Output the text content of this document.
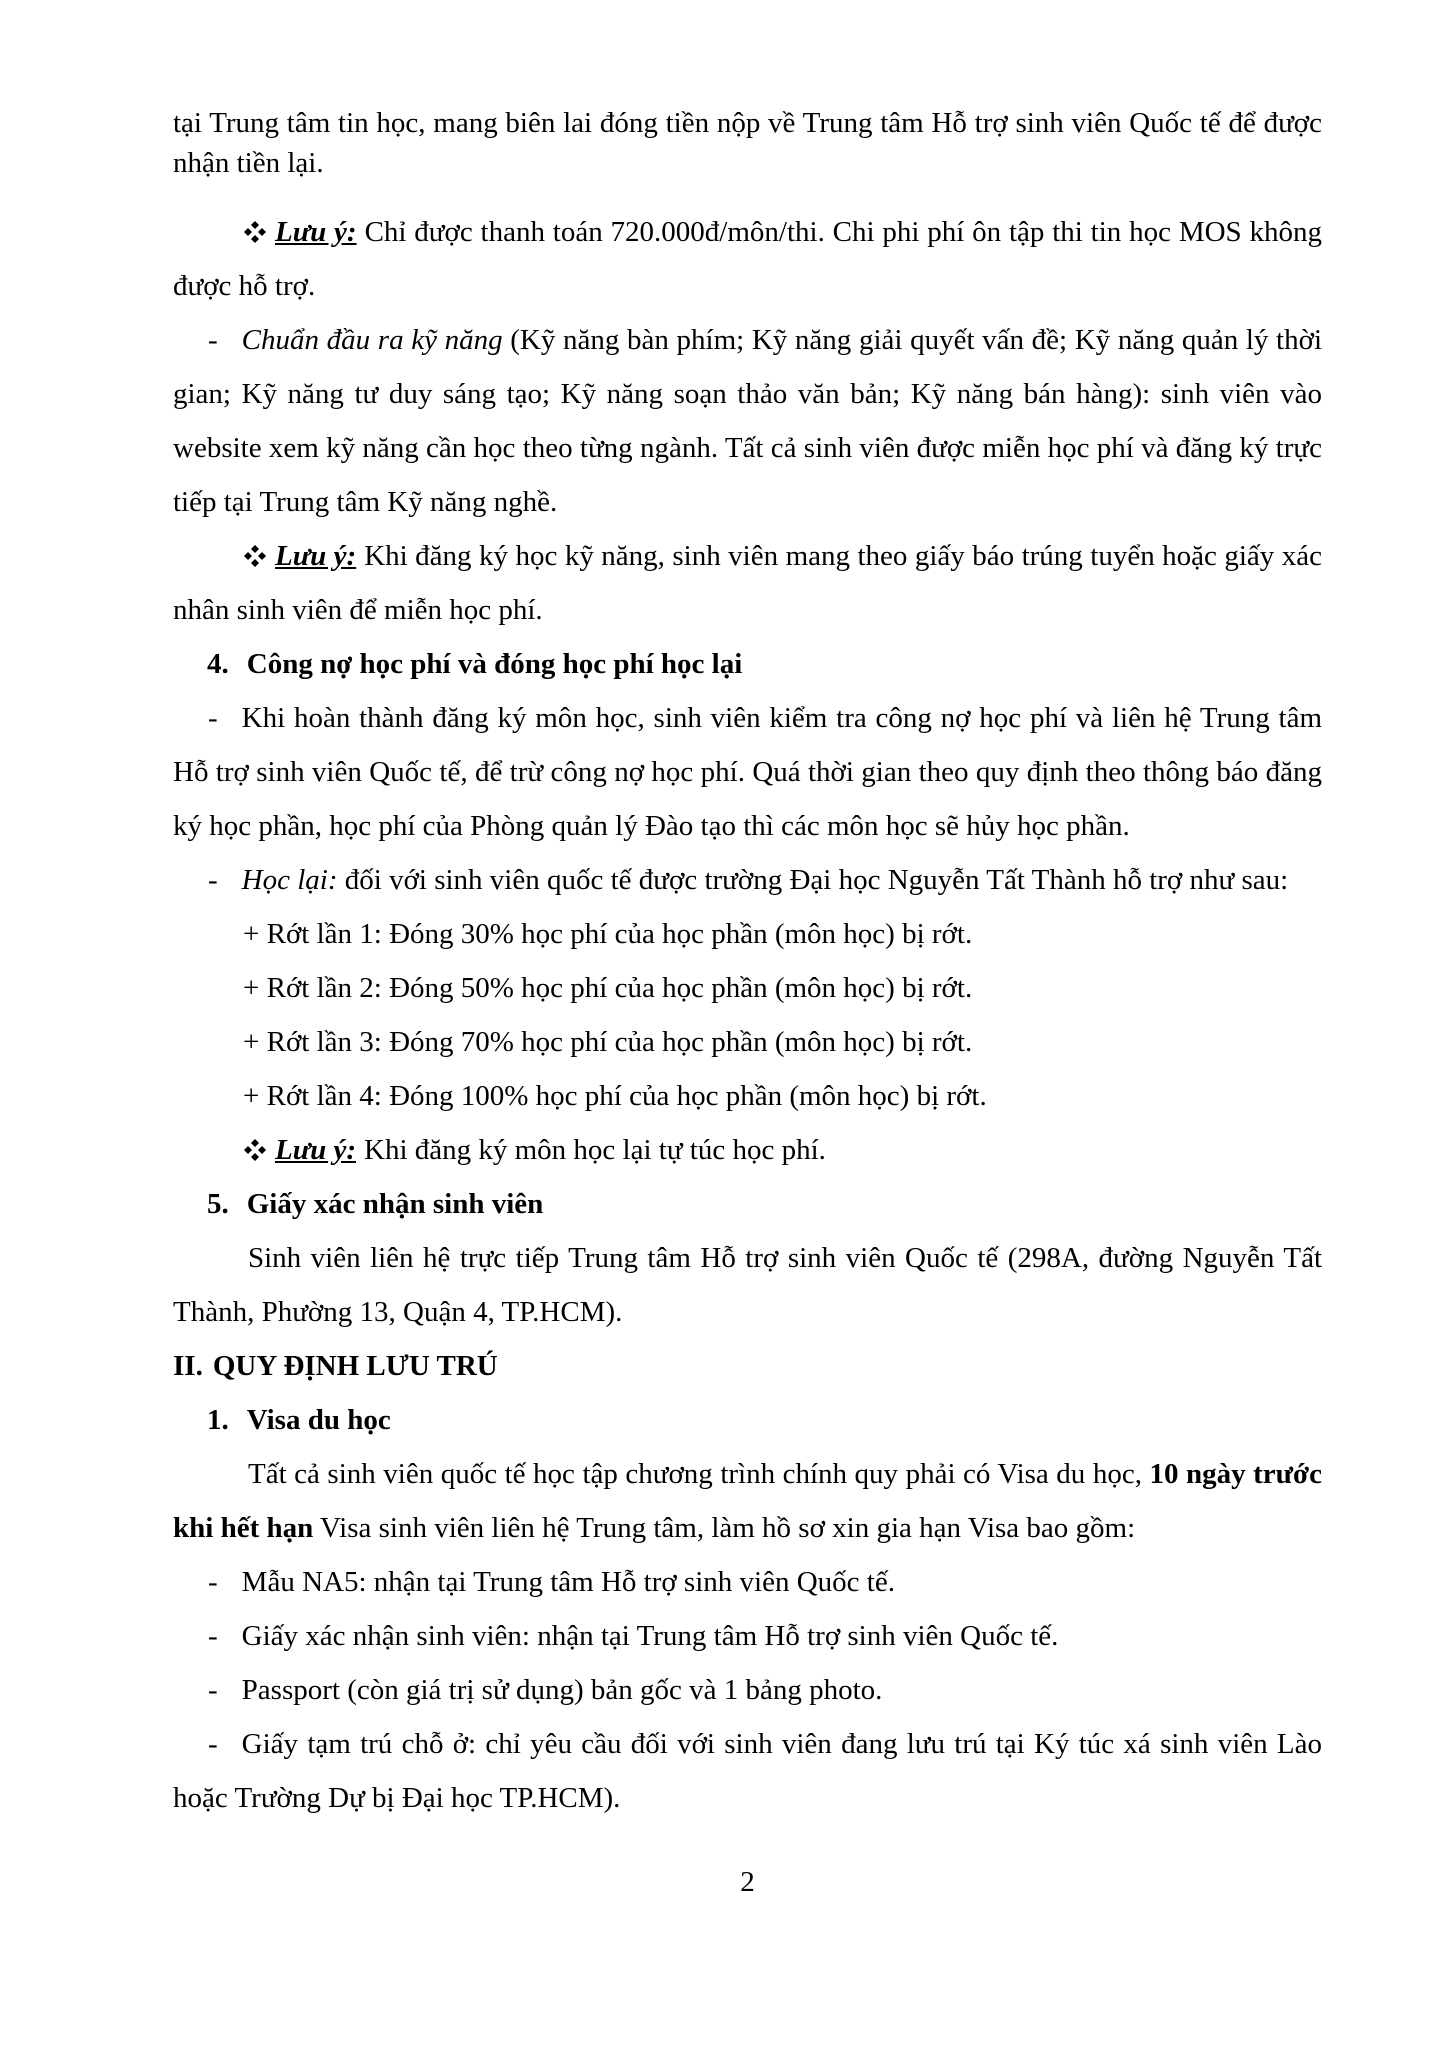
tại Trung tâm tin học, mang biên lai đóng tiền nộp về Trung tâm Hỗ trợ sinh viên Quốc tế để được nhận tiền lại.

Lưu ý: Chỉ được thanh toán 720.000đ/môn/thi. Chi phi phí ôn tập thi tin học MOS không được hỗ trợ.

- Chuẩn đầu ra kỹ năng (Kỹ năng bàn phím; Kỹ năng giải quyết vấn đề; Kỹ năng quản lý thời gian; Kỹ năng tư duy sáng tạo; Kỹ năng soạn thảo văn bản; Kỹ năng bán hàng): sinh viên vào website xem kỹ năng cần học theo từng ngành. Tất cả sinh viên được miễn học phí và đăng ký trực tiếp tại Trung tâm Kỹ năng nghề.

Lưu ý: Khi đăng ký học kỹ năng, sinh viên mang theo giấy báo trúng tuyển hoặc giấy xác nhân sinh viên để miễn học phí.

4. Công nợ học phí và đóng học phí học lại

- Khi hoàn thành đăng ký môn học, sinh viên kiểm tra công nợ học phí và liên hệ Trung tâm Hỗ trợ sinh viên Quốc tế, để trừ công nợ học phí. Quá thời gian theo quy định theo thông báo đăng ký học phần, học phí của Phòng quản lý Đào tạo thì các môn học sẽ hủy học phần.

- Học lại: đối với sinh viên quốc tế được trường Đại học Nguyễn Tất Thành hỗ trợ như sau:

+ Rớt lần 1: Đóng 30% học phí của học phần (môn học) bị rớt.

+ Rớt lần 2: Đóng 50% học phí của học phần (môn học) bị rớt.

+ Rớt lần 3: Đóng 70% học phí của học phần (môn học) bị rớt.

+ Rớt lần 4: Đóng 100% học phí của học phần (môn học) bị rớt.

Lưu ý: Khi đăng ký môn học lại tự túc học phí.

5. Giấy xác nhận sinh viên

Sinh viên liên hệ trực tiếp Trung tâm Hỗ trợ sinh viên Quốc tế (298A, đường Nguyễn Tất Thành, Phường 13, Quận 4, TP.HCM).

II. QUY ĐỊNH LƯU TRÚ

1. Visa du học

Tất cả sinh viên quốc tế học tập chương trình chính quy phải có Visa du học, 10 ngày trước khi hết hạn Visa sinh viên liên hệ Trung tâm, làm hồ sơ xin gia hạn Visa bao gồm:

- Mẫu NA5: nhận tại Trung tâm Hỗ trợ sinh viên Quốc tế.

- Giấy xác nhận sinh viên: nhận tại Trung tâm Hỗ trợ sinh viên Quốc tế.

- Passport (còn giá trị sử dụng) bản gốc và 1 bảng photo.

- Giấy tạm trú chỗ ở: chỉ yêu cầu đối với sinh viên đang lưu trú tại Ký túc xá sinh viên Lào hoặc Trường Dự bị Đại học TP.HCM).

2
